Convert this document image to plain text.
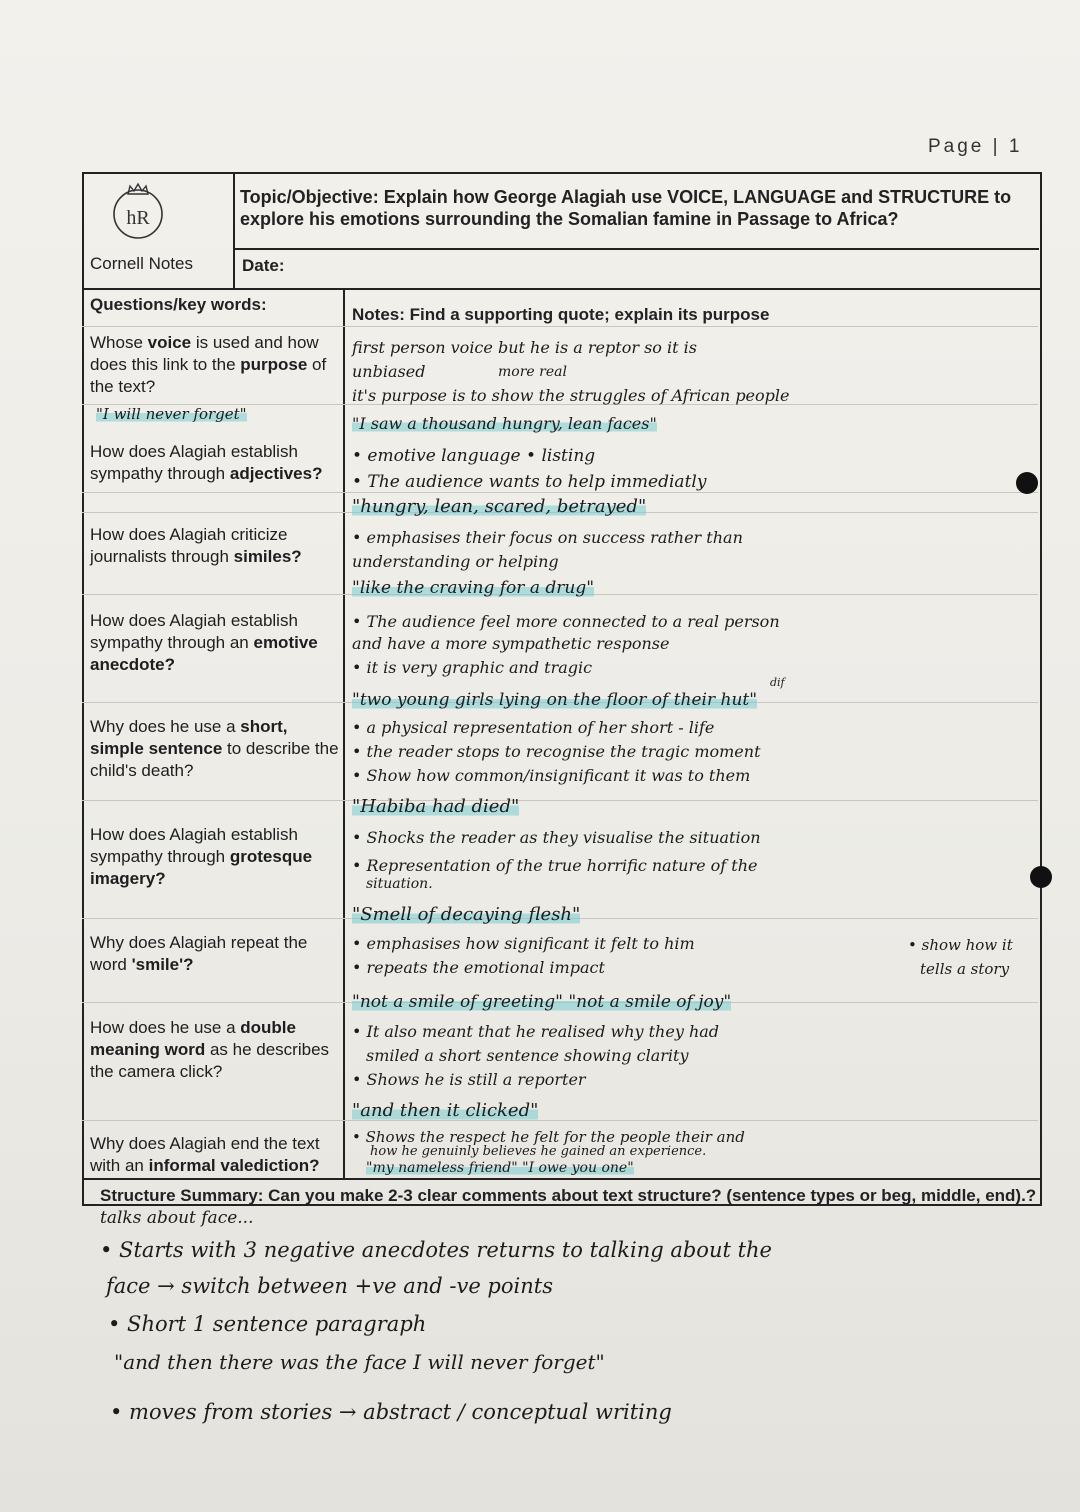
Page | 1
hR
Topic/Objective: Explain how George Alagiah use VOICE, LANGUAGE and STRUCTURE to explore his emotions surrounding the Somalian famine in Passage to Africa?
Cornell Notes	Date:
Questions/key words:
Notes: Find a supporting quote; explain its purpose
Whose voice is used and how does this link to the purpose of the text?
"I will never forget"
How does Alagiah establish sympathy through adjectives?
How does Alagiah criticize journalists through similes?
How does Alagiah establish sympathy through an emotive anecdote?
Why does he use a short, simple sentence to describe the child's death?
How does Alagiah establish sympathy through grotesque imagery?
Why does Alagiah repeat the word 'smile'?
How does he use a double meaning word as he describes the camera click?
Why does Alagiah end the text with an informal valediction?
first person voice but he is a reptor so it is
unbiased	more real
it's purpose is to show the struggles of African people
"I saw a thousand hungry, lean faces"
• emotive language • listing
• The audience wants to help immediatly
"hungry, lean, scared, betrayed"
• emphasises their focus on success rather than
understanding or helping
"like the craving for a drug"
• The audience feel more connected to a real person
and have a more sympathetic response
• it is very graphic and tragic
dif
"two young girls lying on the floor of their hut"
• a physical representation of her short - life
• the reader stops to recognise the tragic moment
• Show how common/insignificant it was to them
"Habiba had died"
• Shocks the reader as they visualise the situation
• Representation of the true horrific nature of the
situation.
"Smell of decaying flesh"
• emphasises how significant it felt to him
• repeats the emotional impact
• show how it
tells a story
"not a smile of greeting" "not a smile of joy"
• It also meant that he realised why they had
smiled a short sentence showing clarity
• Shows he is still a reporter
"and then it clicked"
• Shows the respect he felt for the people their and
how he genuinly believes he gained an experience.
"my nameless friend" "I owe you one"
Structure Summary: Can you make 2-3 clear comments about text structure? (sentence types or beg, middle, end).?
talks about face...
• Starts with 3 negative anecdotes returns to talking about the
face → switch between +ve and -ve points
• Short 1 sentence paragraph
"and then there was the face I will never forget"
• moves from stories → abstract / conceptual writing
